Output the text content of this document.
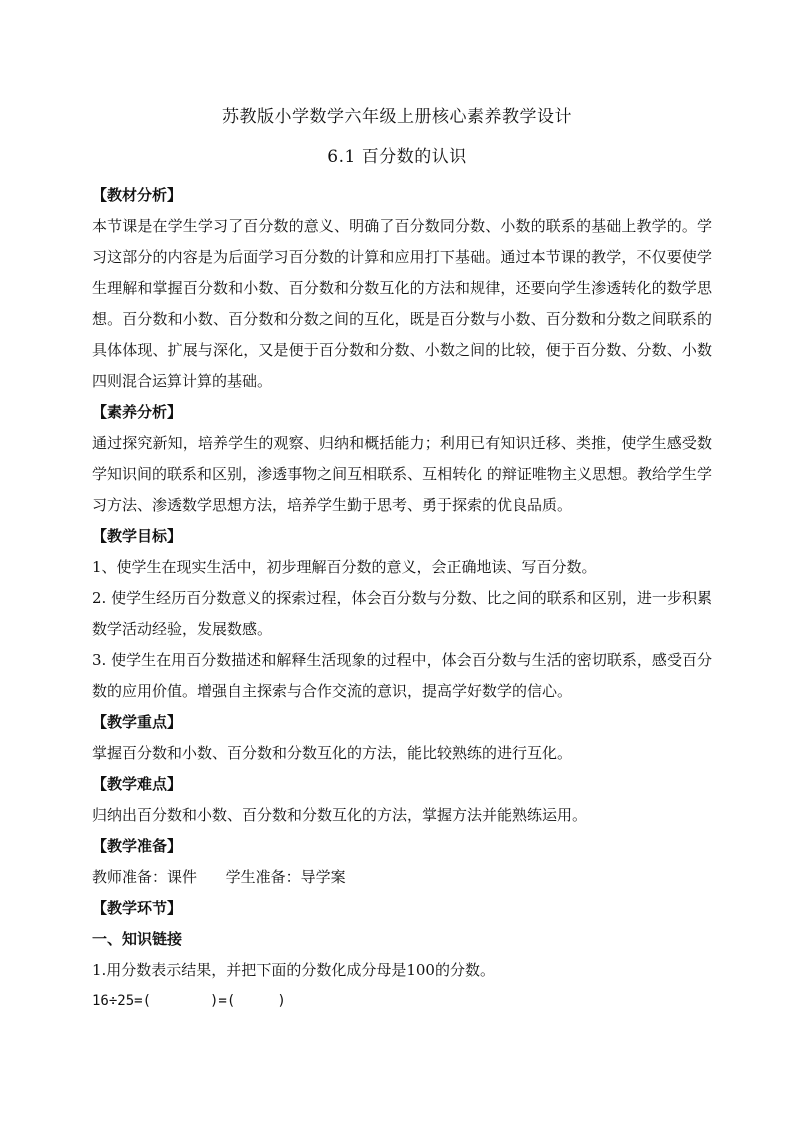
苏教版小学数学六年级上册核心素养教学设计
6.1 百分数的认识

【教材分析】

本节课是在学生学习了百分数的意义、明确了百分数同分数、小数的联系的基础上教学的。学习这部分的内容是为后面学习百分数的计算和应用打下基础。通过本节课的教学，不仅要使学生理解和掌握百分数和小数、百分数和分数互化的方法和规律，还要向学生渗透转化的数学思想。百分数和小数、百分数和分数之间的互化，既是百分数与小数、百分数和分数之间联系的具体体现、扩展与深化，又是便于百分数和分数、小数之间的比较，便于百分数、分数、小数四则混合运算计算的基础。

【素养分析】

通过探究新知，培养学生的观察、归纳和概括能力；利用已有知识迁移、类推，使学生感受数学知识间的联系和区别，渗透事物之间互相联系、互相转化 的辩证唯物主义思想。教给学生学习方法、渗透数学思想方法，培养学生勤于思考、勇于探索的优良品质。

【教学目标】

1、使学生在现实生活中，初步理解百分数的意义，会正确地读、写百分数。

2. 使学生经历百分数意义的探索过程，体会百分数与分数、比之间的联系和区别，进一步积累数学活动经验，发展数感。

3. 使学生在用百分数描述和解释生活现象的过程中，体会百分数与生活的密切联系，感受百分数的应用价值。增强自主探索与合作交流的意识，提高学好数学的信心。

【教学重点】

掌握百分数和小数、百分数和分数互化的方法，能比较熟练的进行互化。

【教学难点】

归纳出百分数和小数、百分数和分数互化的方法，掌握方法并能熟练运用。

【教学准备】

教师准备：课件      学生准备：导学案

【教学环节】

一、知识链接

1.用分数表示结果，并把下面的分数化成分母是100的分数。

16÷25=(       )=(     )
